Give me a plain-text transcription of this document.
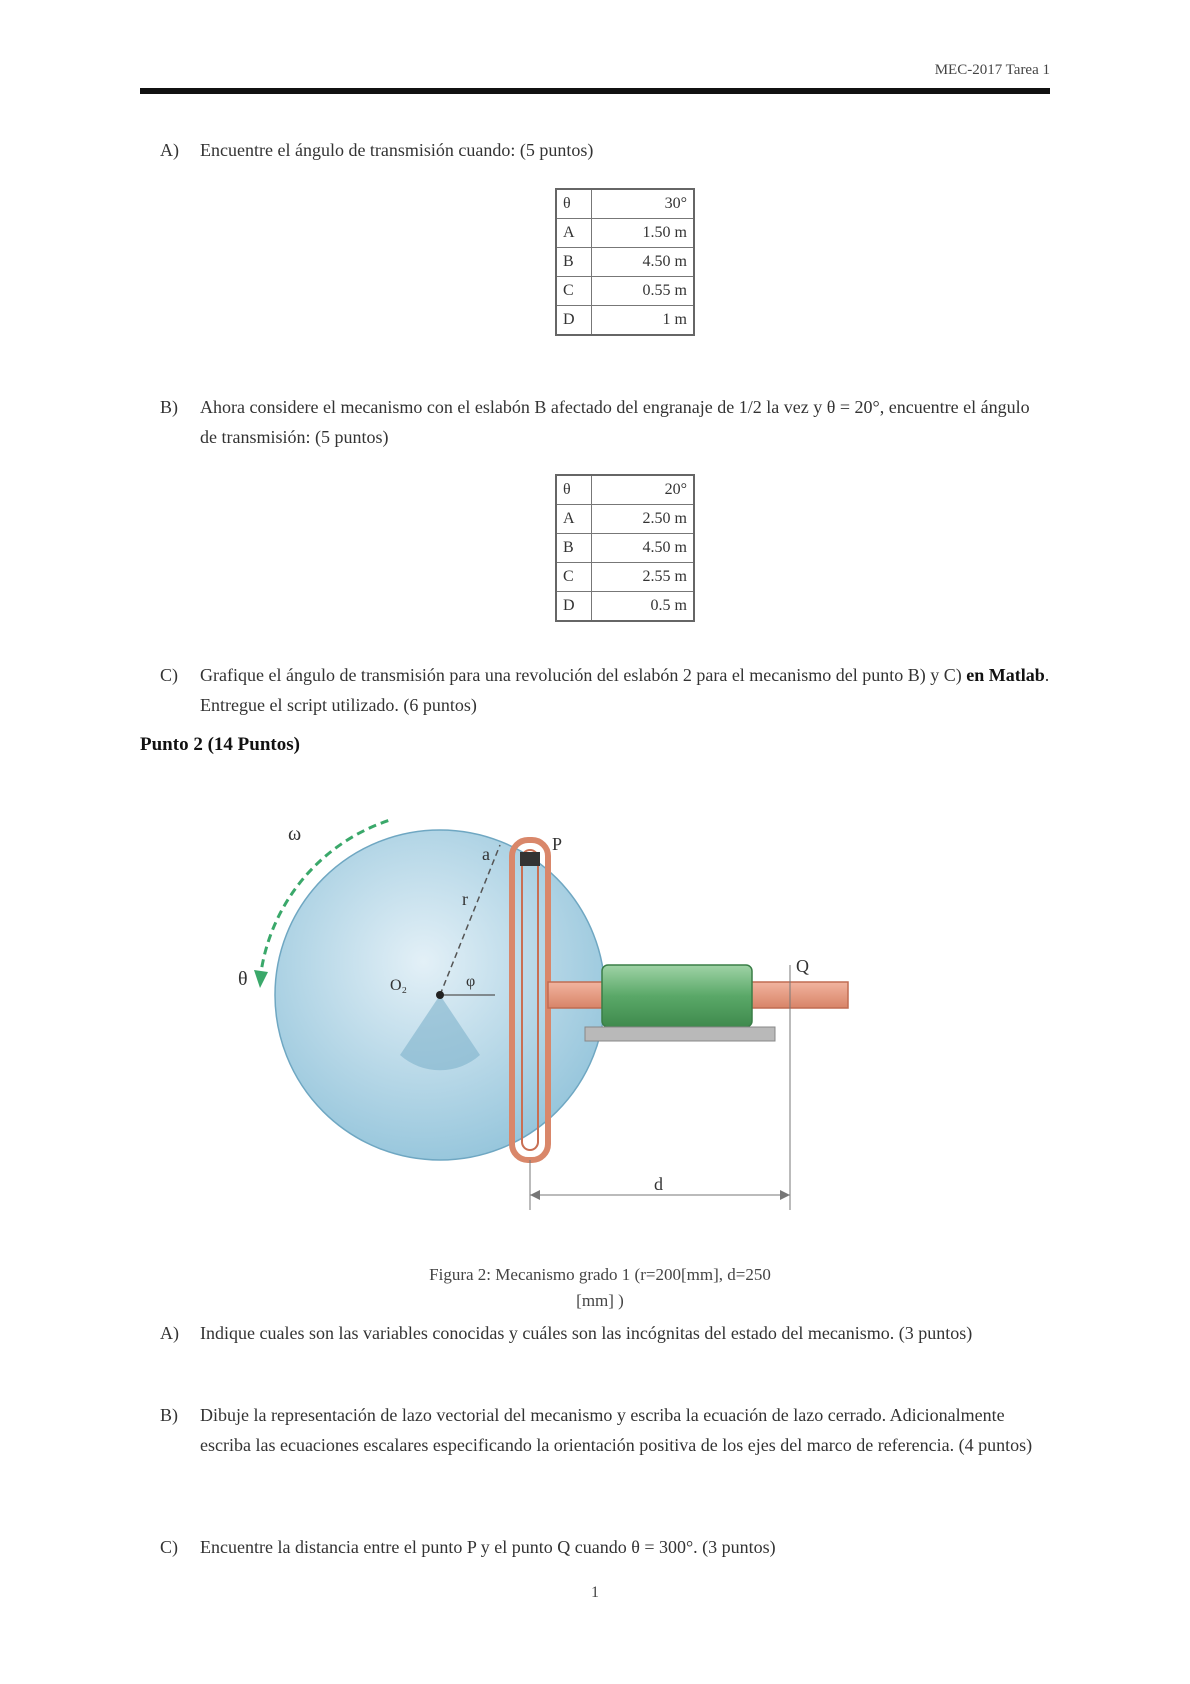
MEC-2017 Tarea 1
A) Encuentre el ángulo de transmisión cuando: (5 puntos)
θ	30°
A	1.50 m
B	4.50 m
C	0.55 m
D	1 m
B) Ahora considere el mecanismo con el eslabón B afectado del engranaje de 1/2 la vez y θ = 20°, encuentre el ángulo de transmisión: (5 puntos)
θ	20°
A	2.50 m
B	4.50 m
C	2.55 m
D	0.5 m
C) Grafique el ángulo de transmisión para una revolución del eslabón 2 para el mecanismo del punto B) y C) en Matlab. Entregue el script utilizado. (6 puntos)
Punto 2 (14 Puntos)
ω
θ
r
a
O₂	φ
P
Q
d
Figura 2: Mecanismo grado 1 (r=200[mm], d=250
[mm] )
A) Indique cuales son las variables conocidas y cuáles son las incógnitas del estado del mecanismo. (3 puntos)
B) Dibuje la representación de lazo vectorial del mecanismo y escriba la ecuación de lazo cerrado. Adicionalmente escriba las ecuaciones escalares especificando la orientación positiva de los ejes del marco de referencia. (4 puntos)
C) Encuentre la distancia entre el punto P y el punto Q cuando θ = 300°. (3 puntos)
1
